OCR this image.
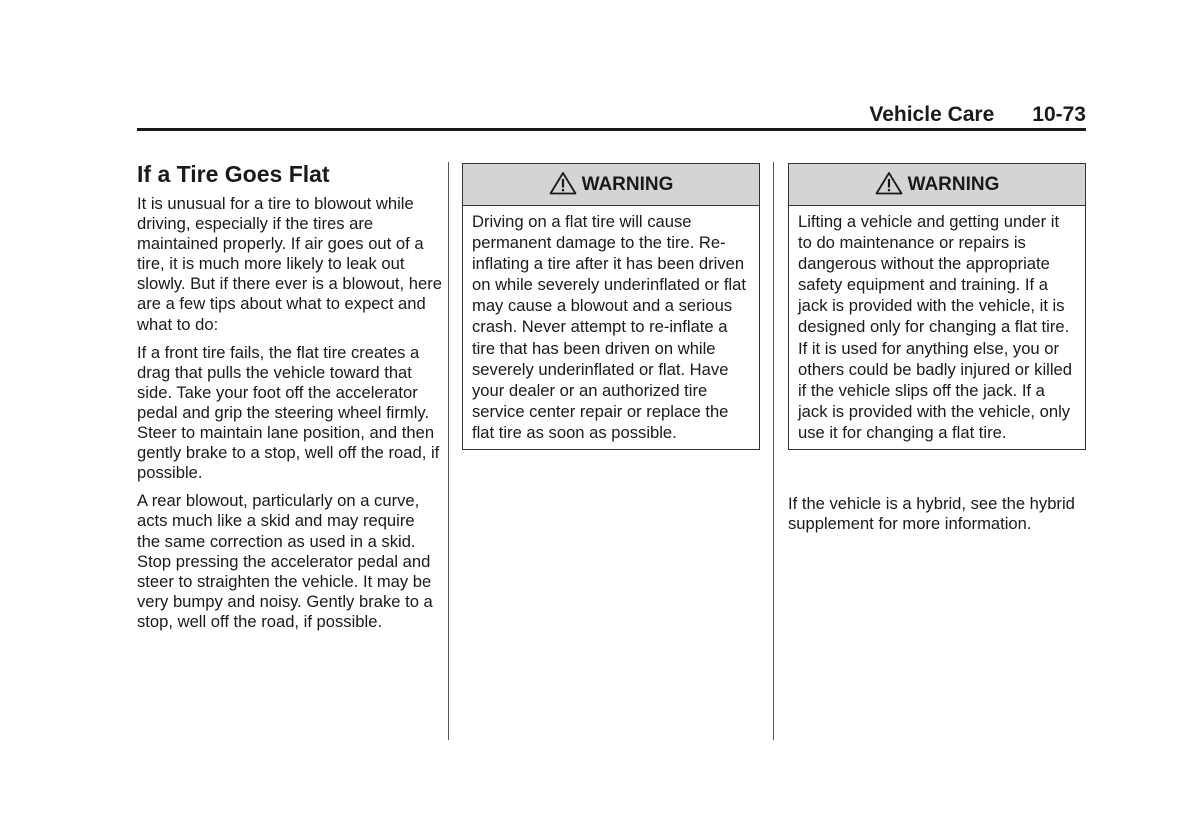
Vehicle Care 10-73
If a Tire Goes Flat

It is unusual for a tire to blowout while driving, especially if the tires are maintained properly. If air goes out of a tire, it is much more likely to leak out slowly. But if there ever is a blowout, here are a few tips about what to expect and what to do:

If a front tire fails, the flat tire creates a drag that pulls the vehicle toward that side. Take your foot off the accelerator pedal and grip the steering wheel firmly. Steer to maintain lane position, and then gently brake to a stop, well off the road, if possible.

A rear blowout, particularly on a curve, acts much like a skid and may require the same correction as used in a skid. Stop pressing the accelerator pedal and steer to straighten the vehicle. It may be very bumpy and noisy. Gently brake to a stop, well off the road, if possible.

WARNING
Driving on a flat tire will cause permanent damage to the tire. Re-inflating a tire after it has been driven on while severely underinflated or flat may cause a blowout and a serious crash. Never attempt to re-inflate a tire that has been driven on while severely underinflated or flat. Have your dealer or an authorized tire service center repair or replace the flat tire as soon as possible.
WARNING
Lifting a vehicle and getting under it to do maintenance or repairs is dangerous without the appropriate safety equipment and training. If a jack is provided with the vehicle, it is designed only for changing a flat tire. If it is used for anything else, you or others could be badly injured or killed if the vehicle slips off the jack. If a jack is provided with the vehicle, only use it for changing a flat tire.
If the vehicle is a hybrid, see the hybrid supplement for more information.
